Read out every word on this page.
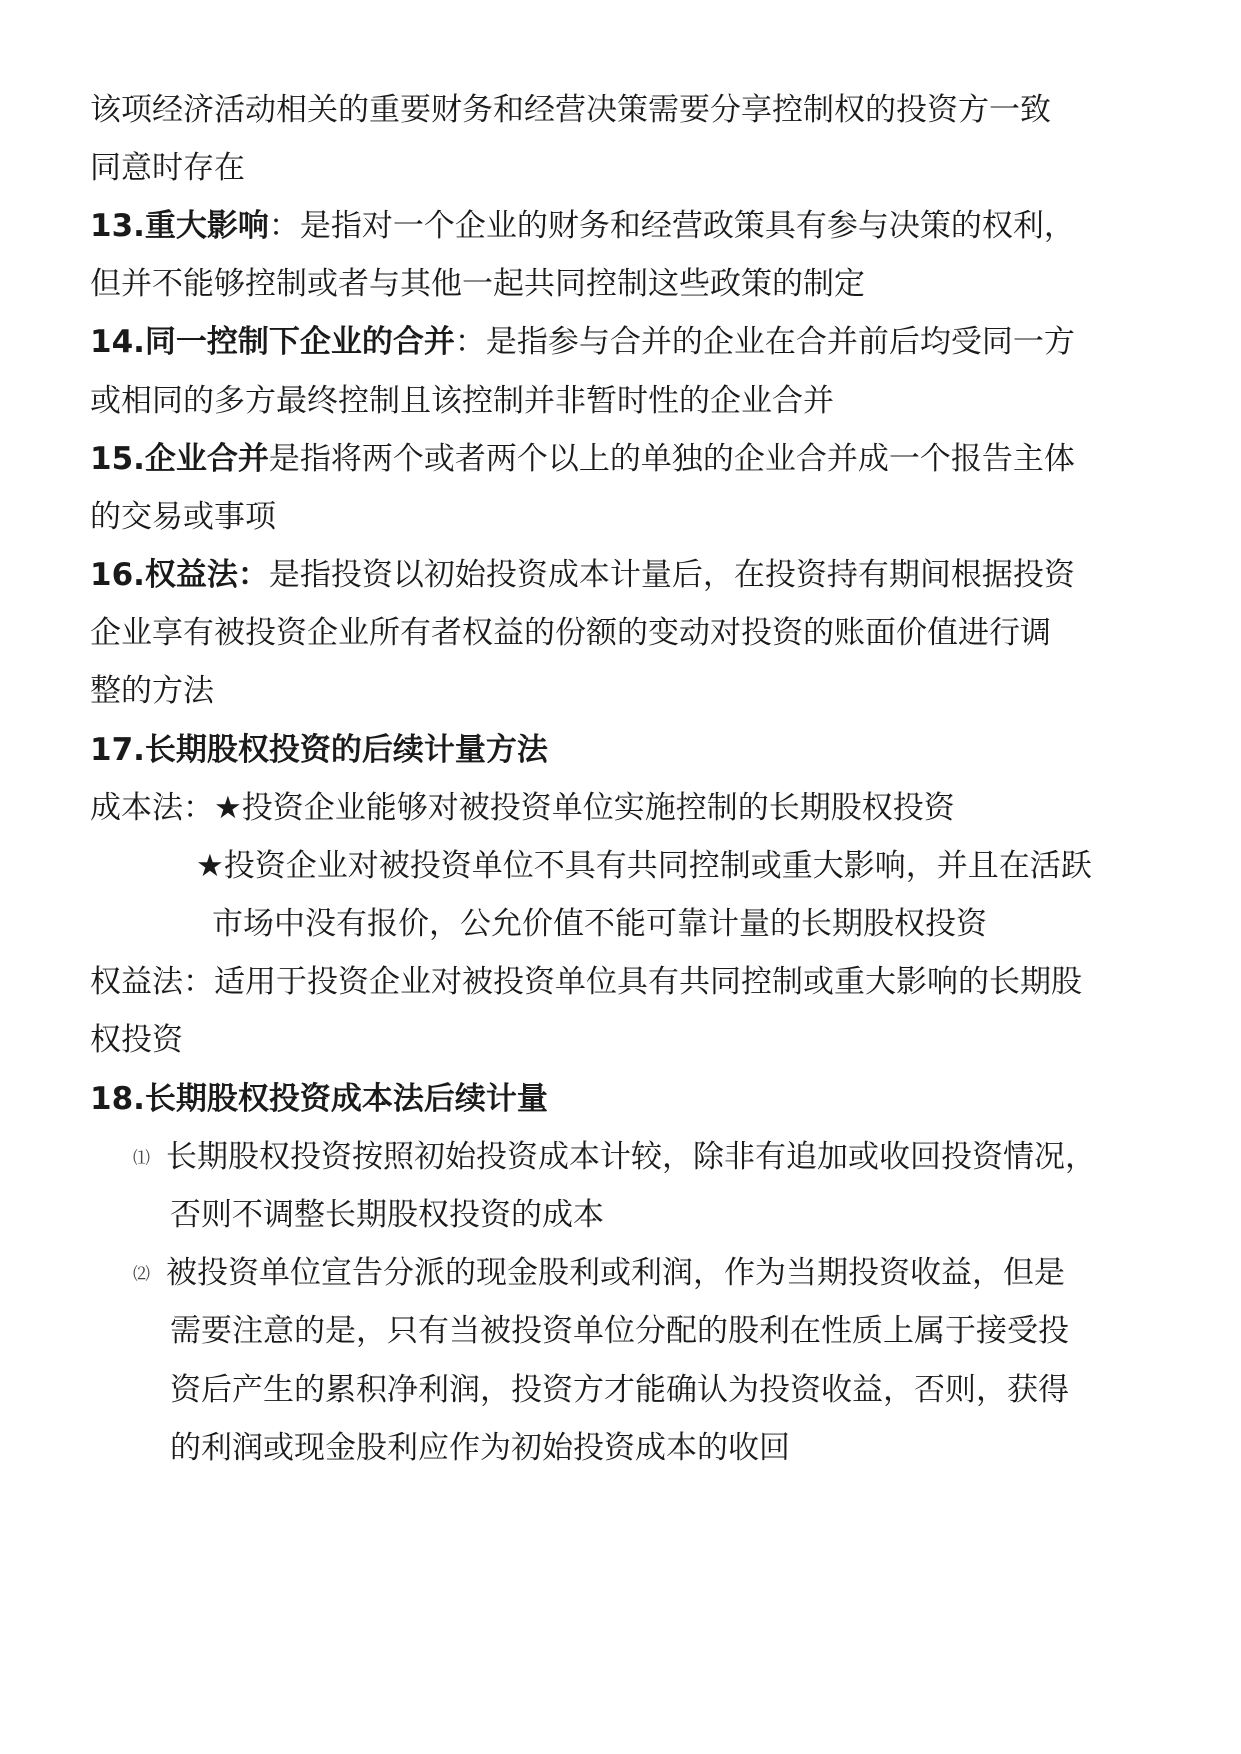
该项经济活动相关的重要财务和经营决策需要分享控制权的投资方一致

同意时存在

13.重大影响：是指对一个企业的财务和经营政策具有参与决策的权利，

但并不能够控制或者与其他一起共同控制这些政策的制定

14.同一控制下企业的合并：是指参与合并的企业在合并前后均受同一方

或相同的多方最终控制且该控制并非暂时性的企业合并

15.企业合并是指将两个或者两个以上的单独的企业合并成一个报告主体

的交易或事项

16.权益法：是指投资以初始投资成本计量后，在投资持有期间根据投资

企业享有被投资企业所有者权益的份额的变动对投资的账面价值进行调

整的方法

17.长期股权投资的后续计量方法

成本法：★投资企业能够对被投资单位实施控制的长期股权投资

★投资企业对被投资单位不具有共同控制或重大影响，并且在活跃

市场中没有报价，公允价值不能可靠计量的长期股权投资

权益法：适用于投资企业对被投资单位具有共同控制或重大影响的长期股

权投资

18.长期股权投资成本法后续计量

⑴ 长期股权投资按照初始投资成本计较，除非有追加或收回投资情况，

否则不调整长期股权投资的成本

⑵ 被投资单位宣告分派的现金股利或利润，作为当期投资收益，但是

需要注意的是，只有当被投资单位分配的股利在性质上属于接受投

资后产生的累积净利润，投资方才能确认为投资收益，否则，获得

的利润或现金股利应作为初始投资成本的收回
